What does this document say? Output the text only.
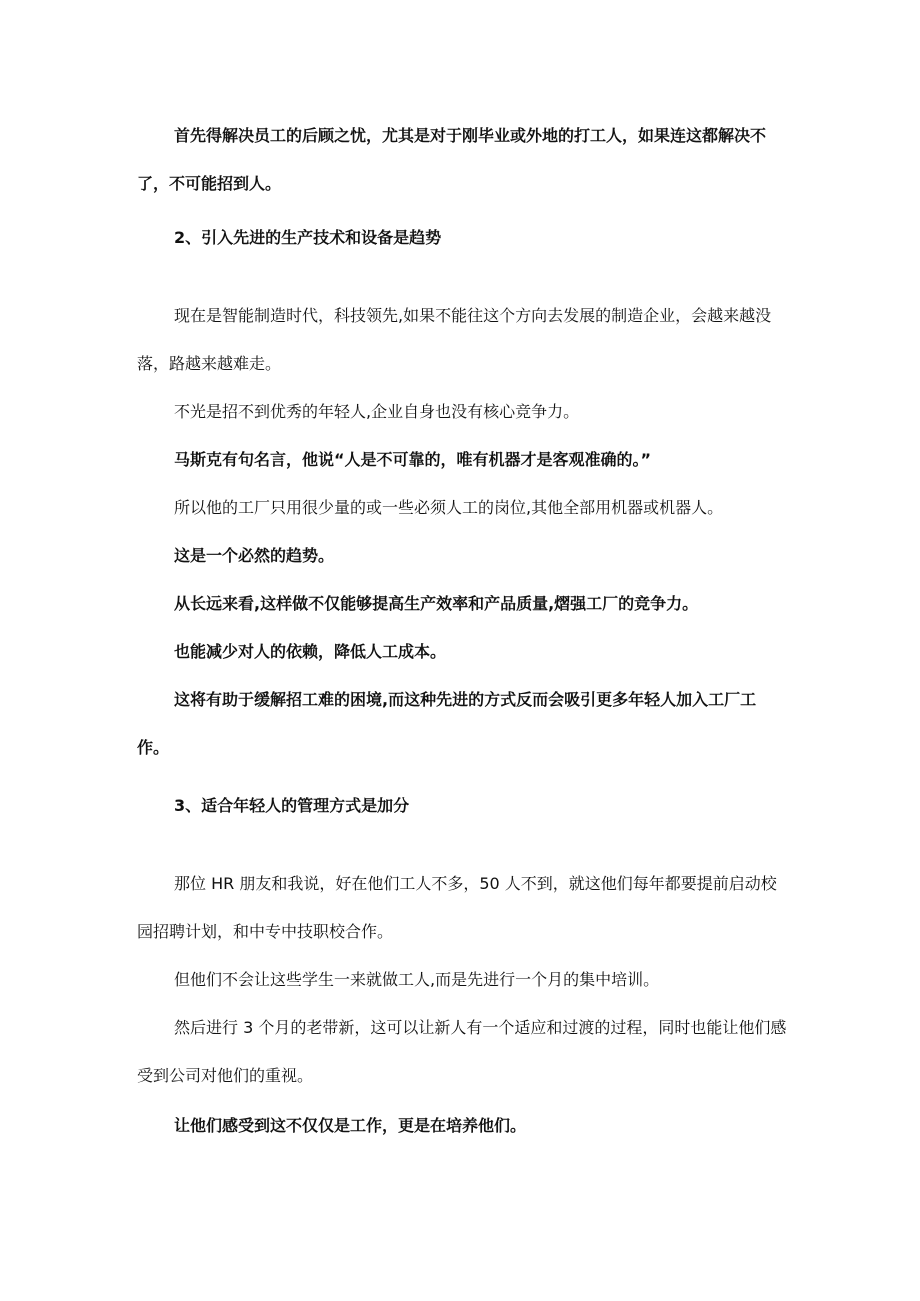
首先得解决员工的后顾之忧，尤其是对于刚毕业或外地的打工人，如果连这都解决不了，不可能招到人。

2、引入先进的生产技术和设备是趋势

现在是智能制造时代，科技领先,如果不能往这个方向去发展的制造企业，会越来越没落，路越来越难走。

不光是招不到优秀的年轻人,企业自身也没有核心竞争力。

马斯克有句名言，他说“人是不可靠的，唯有机器才是客观准确的。”

所以他的工厂只用很少量的或一些必须人工的岗位,其他全部用机器或机器人。

这是一个必然的趋势。

从长远来看,这样做不仅能够提高生产效率和产品质量,熠强工厂的竞争力。

也能减少对人的依赖，降低人工成本。

这将有助于缓解招工难的困境,而这种先进的方式反而会吸引更多年轻人加入工厂工作。

3、适合年轻人的管理方式是加分

那位 HR 朋友和我说，好在他们工人不多，50 人不到，就这他们每年都要提前启动校园招聘计划，和中专中技职校合作。

但他们不会让这些学生一来就做工人,而是先进行一个月的集中培训。

然后进行 3 个月的老带新，这可以让新人有一个适应和过渡的过程，同时也能让他们感受到公司对他们的重视。

让他们感受到这不仅仅是工作，更是在培养他们。
